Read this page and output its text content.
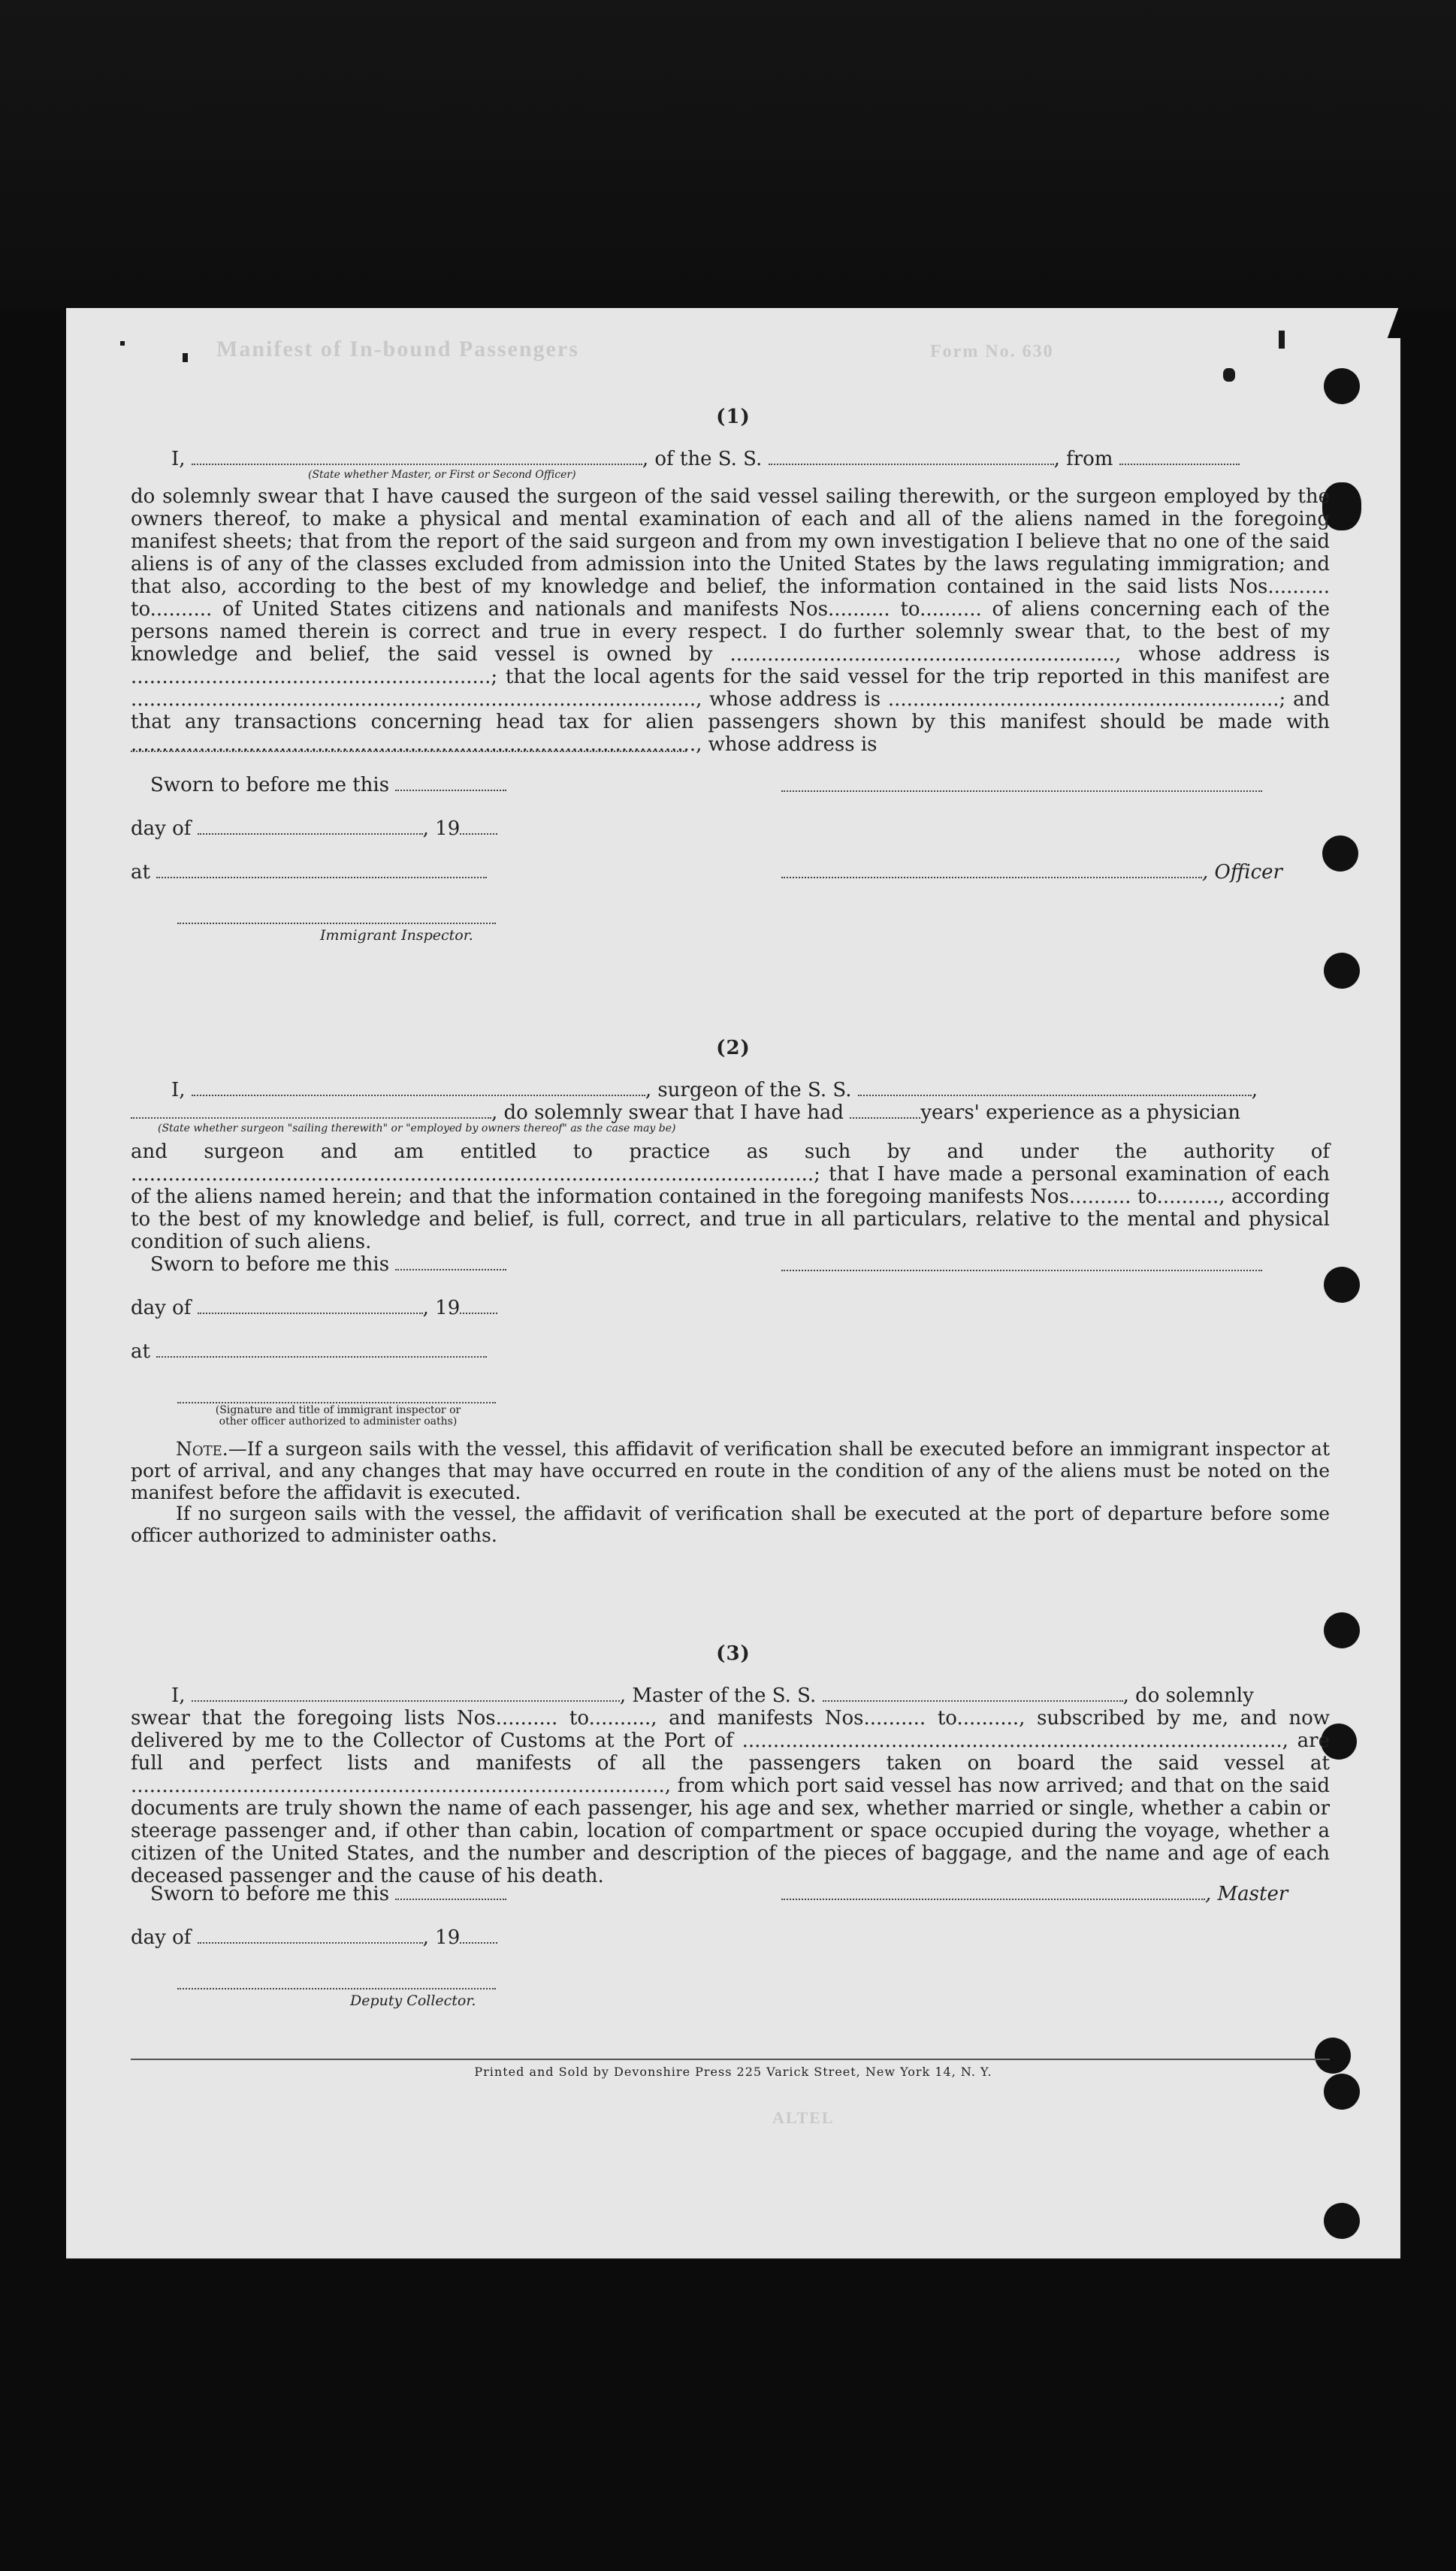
Manifest of In-bound Passengers	Form No. 630
(1)
I,	, of the S. S.	, from
(State whether Master, or First or Second Officer)
do solemnly swear that I have caused the surgeon of the said vessel sailing therewith, or the surgeon employed by the owners thereof, to make a physical and mental examination of each and all of the aliens named in the foregoing manifest sheets; that from the report of the said surgeon and from my own investigation I believe that no one of the said aliens is of any of the classes excluded from admission into the United States by the laws regulating immigration; and that also, according to the best of my knowledge and belief, the information contained in the said lists Nos.......... to.......... of United States citizens and nationals and manifests Nos.......... to.......... of aliens concerning each of the persons named therein is correct and true in every respect. I do further solemnly swear that, to the best of my knowledge and belief, the said vessel is owned by .............................................................., whose address is ..........................................................; that the local agents for the said vessel for the trip reported in this manifest are ..........................................................................................., whose address is ...............................................................; and that any transactions concerning head tax for alien passengers shown by this manifest should be made with ..........................................................................................., whose address is
Sworn to before me this
day of	, 19
at	, Officer
Immigrant Inspector.
(2)
I,	, surgeon of the S. S.	,
, do solemnly swear that I have had	years' experience as a physician
(State whether surgeon "sailing therewith" or "employed by owners thereof" as the case may be)
and surgeon and am entitled to practice as such by and under the authority of ..............................................................................................................; that I have made a personal examination of each of the aliens named herein; and that the information contained in the foregoing manifests Nos.......... to.........., according to the best of my knowledge and belief, is full, correct, and true in all particulars, relative to the mental and physical condition of such aliens.
Sworn to before me this
day of	, 19
at
(Signature and title of immigrant inspector or other officer authorized to administer oaths)
Note.—If a surgeon sails with the vessel, this affidavit of verification shall be executed before an immigrant inspector at port of arrival, and any changes that may have occurred en route in the condition of any of the aliens must be noted on the manifest before the affidavit is executed.
If no surgeon sails with the vessel, the affidavit of verification shall be executed at the port of departure before some officer authorized to administer oaths.
(3)
I,	, Master of the S. S.	, do solemnly
swear that the foregoing lists Nos.......... to.........., and manifests Nos.......... to.........., subscribed by me, and now delivered by me to the Collector of Customs at the Port of ......................................................................................., are full and perfect lists and manifests of all the passengers taken on board the said vessel at ......................................................................................, from which port said vessel has now arrived; and that on the said documents are truly shown the name of each passenger, his age and sex, whether married or single, whether a cabin or steerage passenger and, if other than cabin, location of compartment or space occupied during the voyage, whether a citizen of the United States, and the number and description of the pieces of baggage, and the name and age of each deceased passenger and the cause of his death.
Sworn to before me this	, Master
day of	, 19
Deputy Collector.
Printed and Sold by Devonshire Press 225 Varick Street, New York 14, N. Y.
ALTEL
